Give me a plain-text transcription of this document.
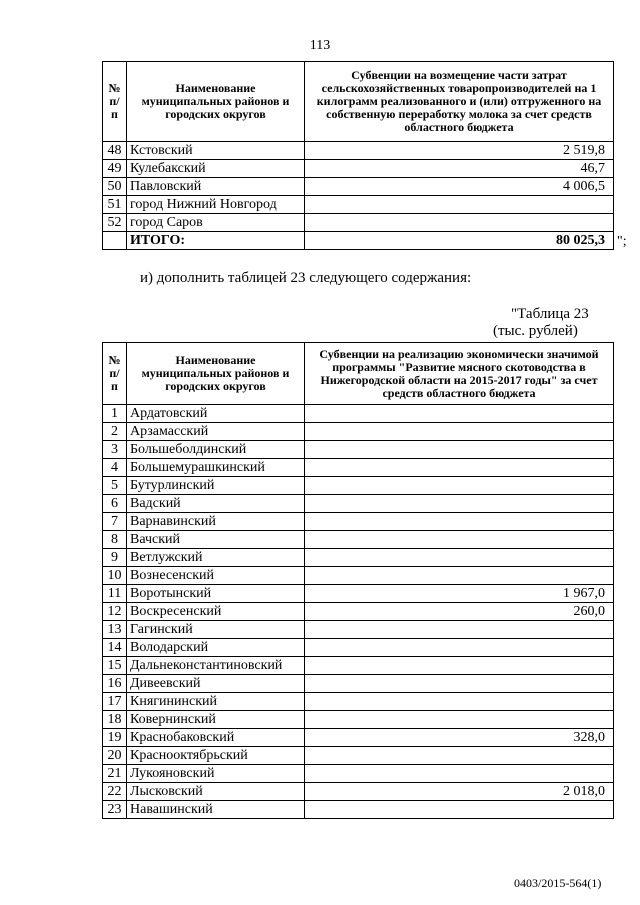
113
№ п/п	Наименование муниципальных районов и городских округов	Субвенции на возмещение части затрат сельскохозяйственных товаропроизводителей на 1 килограмм реализованного и (или) отгруженного на собственную переработку молока за счет средств областного бюджета
48	Кстовский	2 519,8
49	Кулебакский	46,7
50	Павловский	4 006,5
51	город Нижний Новгород	
52	город Саров	
	ИТОГО:	80 025,3 ";
и) дополнить таблицей 23 следующего содержания:
"Таблица 23
(тыс. рублей)
№ п/п	Наименование муниципальных районов и городских округов	Субвенции на реализацию экономически значимой программы "Развитие мясного скотоводства в Нижегородской области на 2015-2017 годы" за счет средств областного бюджета
1	Ардатовский	
2	Арзамасский	
3	Большеболдинский	
4	Большемурашкинский	
5	Бутурлинский	
6	Вадский	
7	Варнавинский	
8	Вачский	
9	Ветлужский	
10	Вознесенский	
11	Воротынский	1 967,0
12	Воскресенский	260,0
13	Гагинский	
14	Володарский	
15	Дальнеконстантиновский	
16	Дивеевский	
17	Княгининский	
18	Ковернинский	
19	Краснобаковский	328,0
20	Краснооктябрьский	
21	Лукояновский	
22	Лысковский	2 018,0
23	Навашинский	
0403/2015-564(1)
